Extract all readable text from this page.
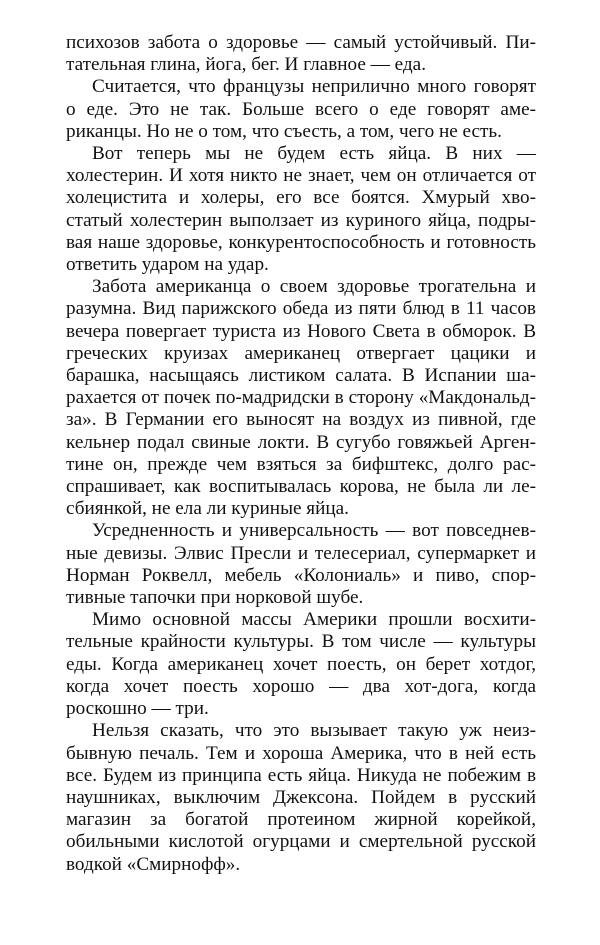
психозов забота о здоровье — самый устойчивый. Питательная глина, йога, бег. И главное — еда.

Считается, что французы неприлично много говорят о еде. Это не так. Больше всего о еде говорят американцы. Но не о том, что съесть, а том, чего не есть.

Вот теперь мы не будем есть яйца. В них — холестерин. И хотя никто не знает, чем он отличается от холецистита и холеры, его все боятся. Хмурый хвостатый холестерин выползает из куриного яйца, подрывая наше здоровье, конкурентоспособность и готовность ответить ударом на удар.

Забота американца о своем здоровье трогательна и разумна. Вид парижского обеда из пяти блюд в 11 часов вечера повергает туриста из Нового Света в обморок. В греческих круизах американец отвергает цацики и барашка, насыщаясь листиком салата. В Испании шарахается от почек по-мадридски в сторону «Макдональдза». В Германии его выносят на воздух из пивной, где кельнер подал свиные локти. В сугубо говяжьей Аргентине он, прежде чем взяться за бифштекс, долго расспрашивает, как воспитывалась корова, не была ли лесбиянкой, не ела ли куриные яйца.

Усредненность и универсальность — вот повседневные девизы. Элвис Пресли и телесериал, супермаркет и Норман Роквелл, мебель «Колониаль» и пиво, спортивные тапочки при норковой шубе.

Мимо основной массы Америки прошли восхитительные крайности культуры. В том числе — культуры еды. Когда американец хочет поесть, он берет хотдог, когда хочет поесть хорошо — два хот-дога, когда роскошно — три.

Нельзя сказать, что это вызывает такую уж неизбывную печаль. Тем и хороша Америка, что в ней есть все. Будем из принципа есть яйца. Никуда не побежим в наушниках, выключим Джексона. Пойдем в русский магазин за богатой протеином жирной корейкой, обильными кислотой огурцами и смертельной русской водкой «Смирнофф».
